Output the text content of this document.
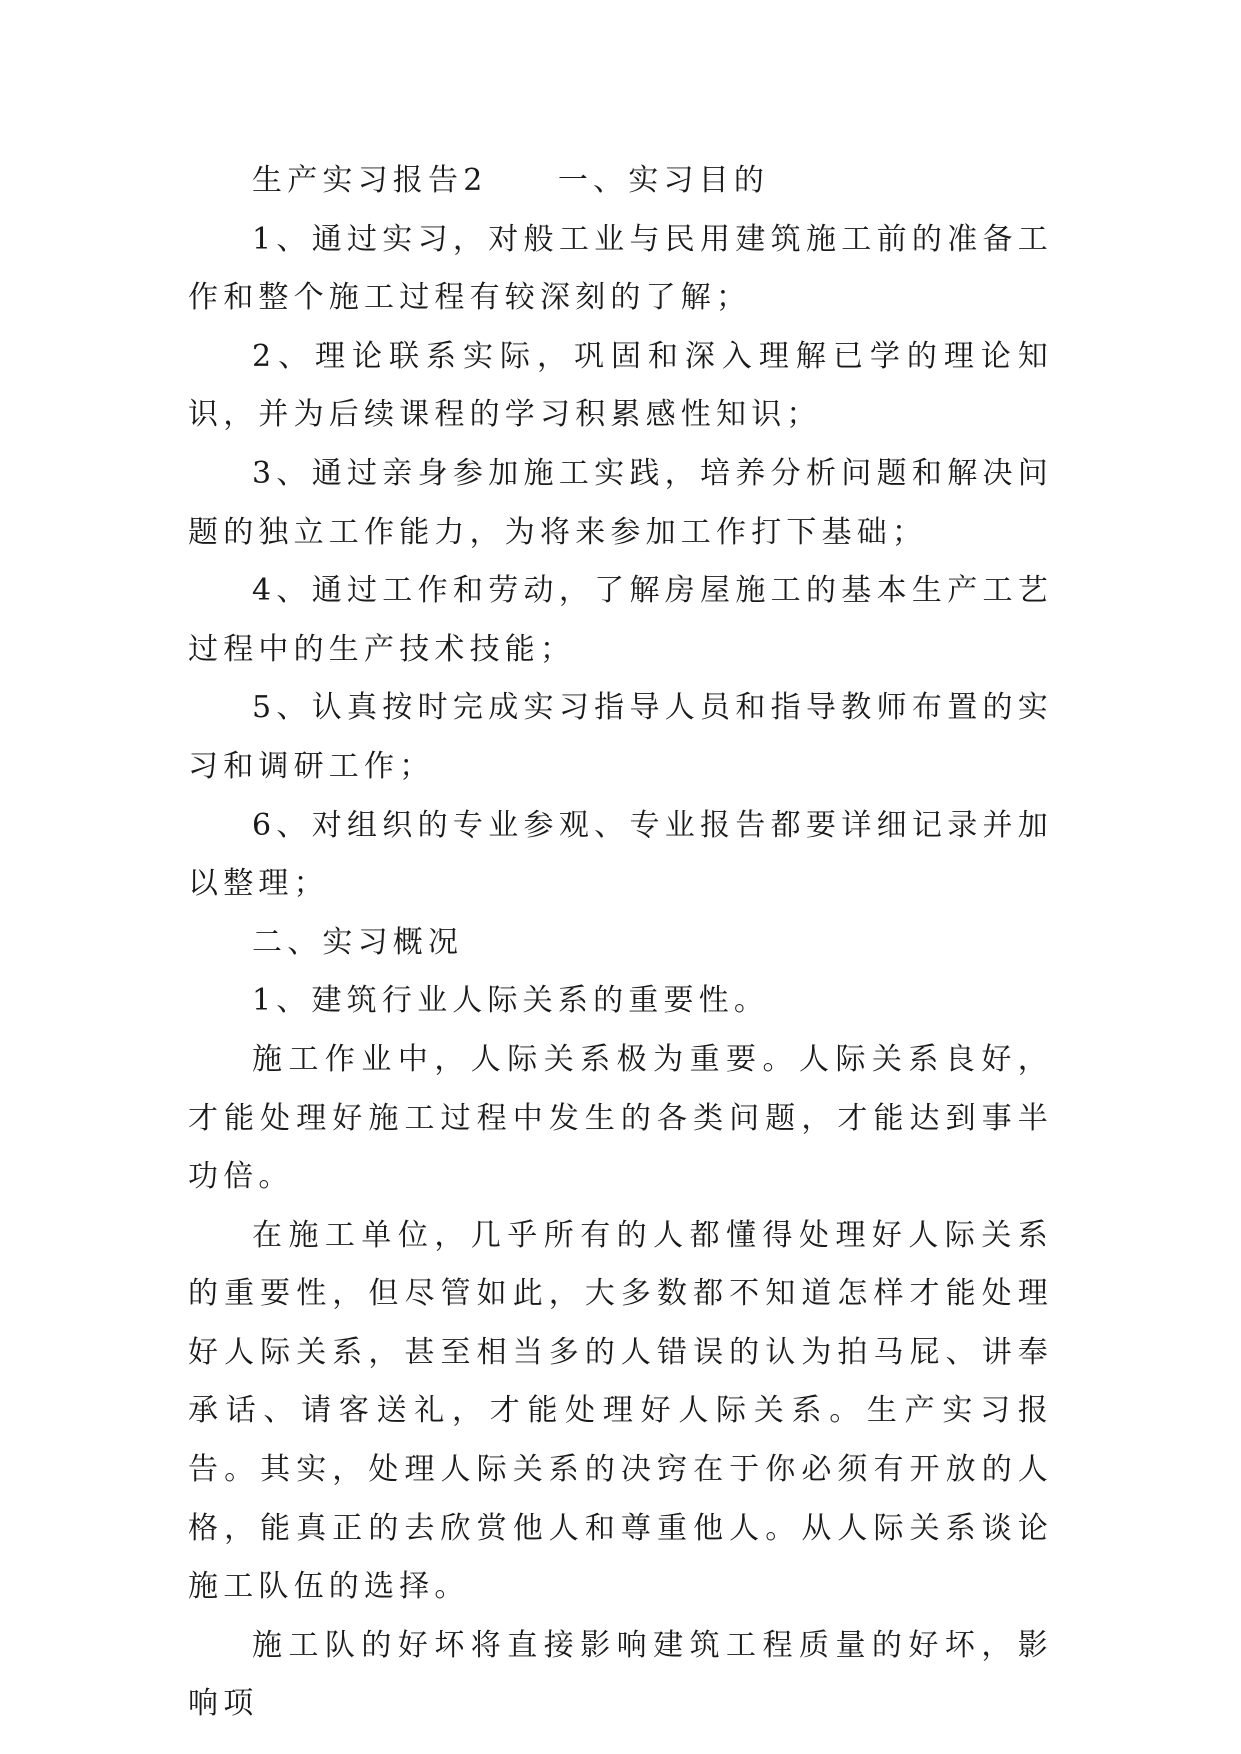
生产实习报告2　　一、实习目的

1、通过实习，对般工业与民用建筑施工前的准备工作和整个施工过程有较深刻的了解；

2、理论联系实际，巩固和深入理解已学的理论知识，并为后续课程的学习积累感性知识；

3、通过亲身参加施工实践，培养分析问题和解决问题的独立工作能力，为将来参加工作打下基础；

4、通过工作和劳动，了解房屋施工的基本生产工艺过程中的生产技术技能；

5、认真按时完成实习指导人员和指导教师布置的实习和调研工作；

6、对组织的专业参观、专业报告都要详细记录并加以整理；

二、实习概况

1、建筑行业人际关系的重要性。

施工作业中，人际关系极为重要。人际关系良好，才能处理好施工过程中发生的各类问题，才能达到事半功倍。

在施工单位，几乎所有的人都懂得处理好人际关系的重要性，但尽管如此，大多数都不知道怎样才能处理好人际关系，甚至相当多的人错误的认为拍马屁、讲奉承话、请客送礼，才能处理好人际关系。生产实习报告。其实，处理人际关系的决窍在于你必须有开放的人格，能真正的去欣赏他人和尊重他人。从人际关系谈论施工队伍的选择。

施工队的好坏将直接影响建筑工程质量的好坏，影响项
